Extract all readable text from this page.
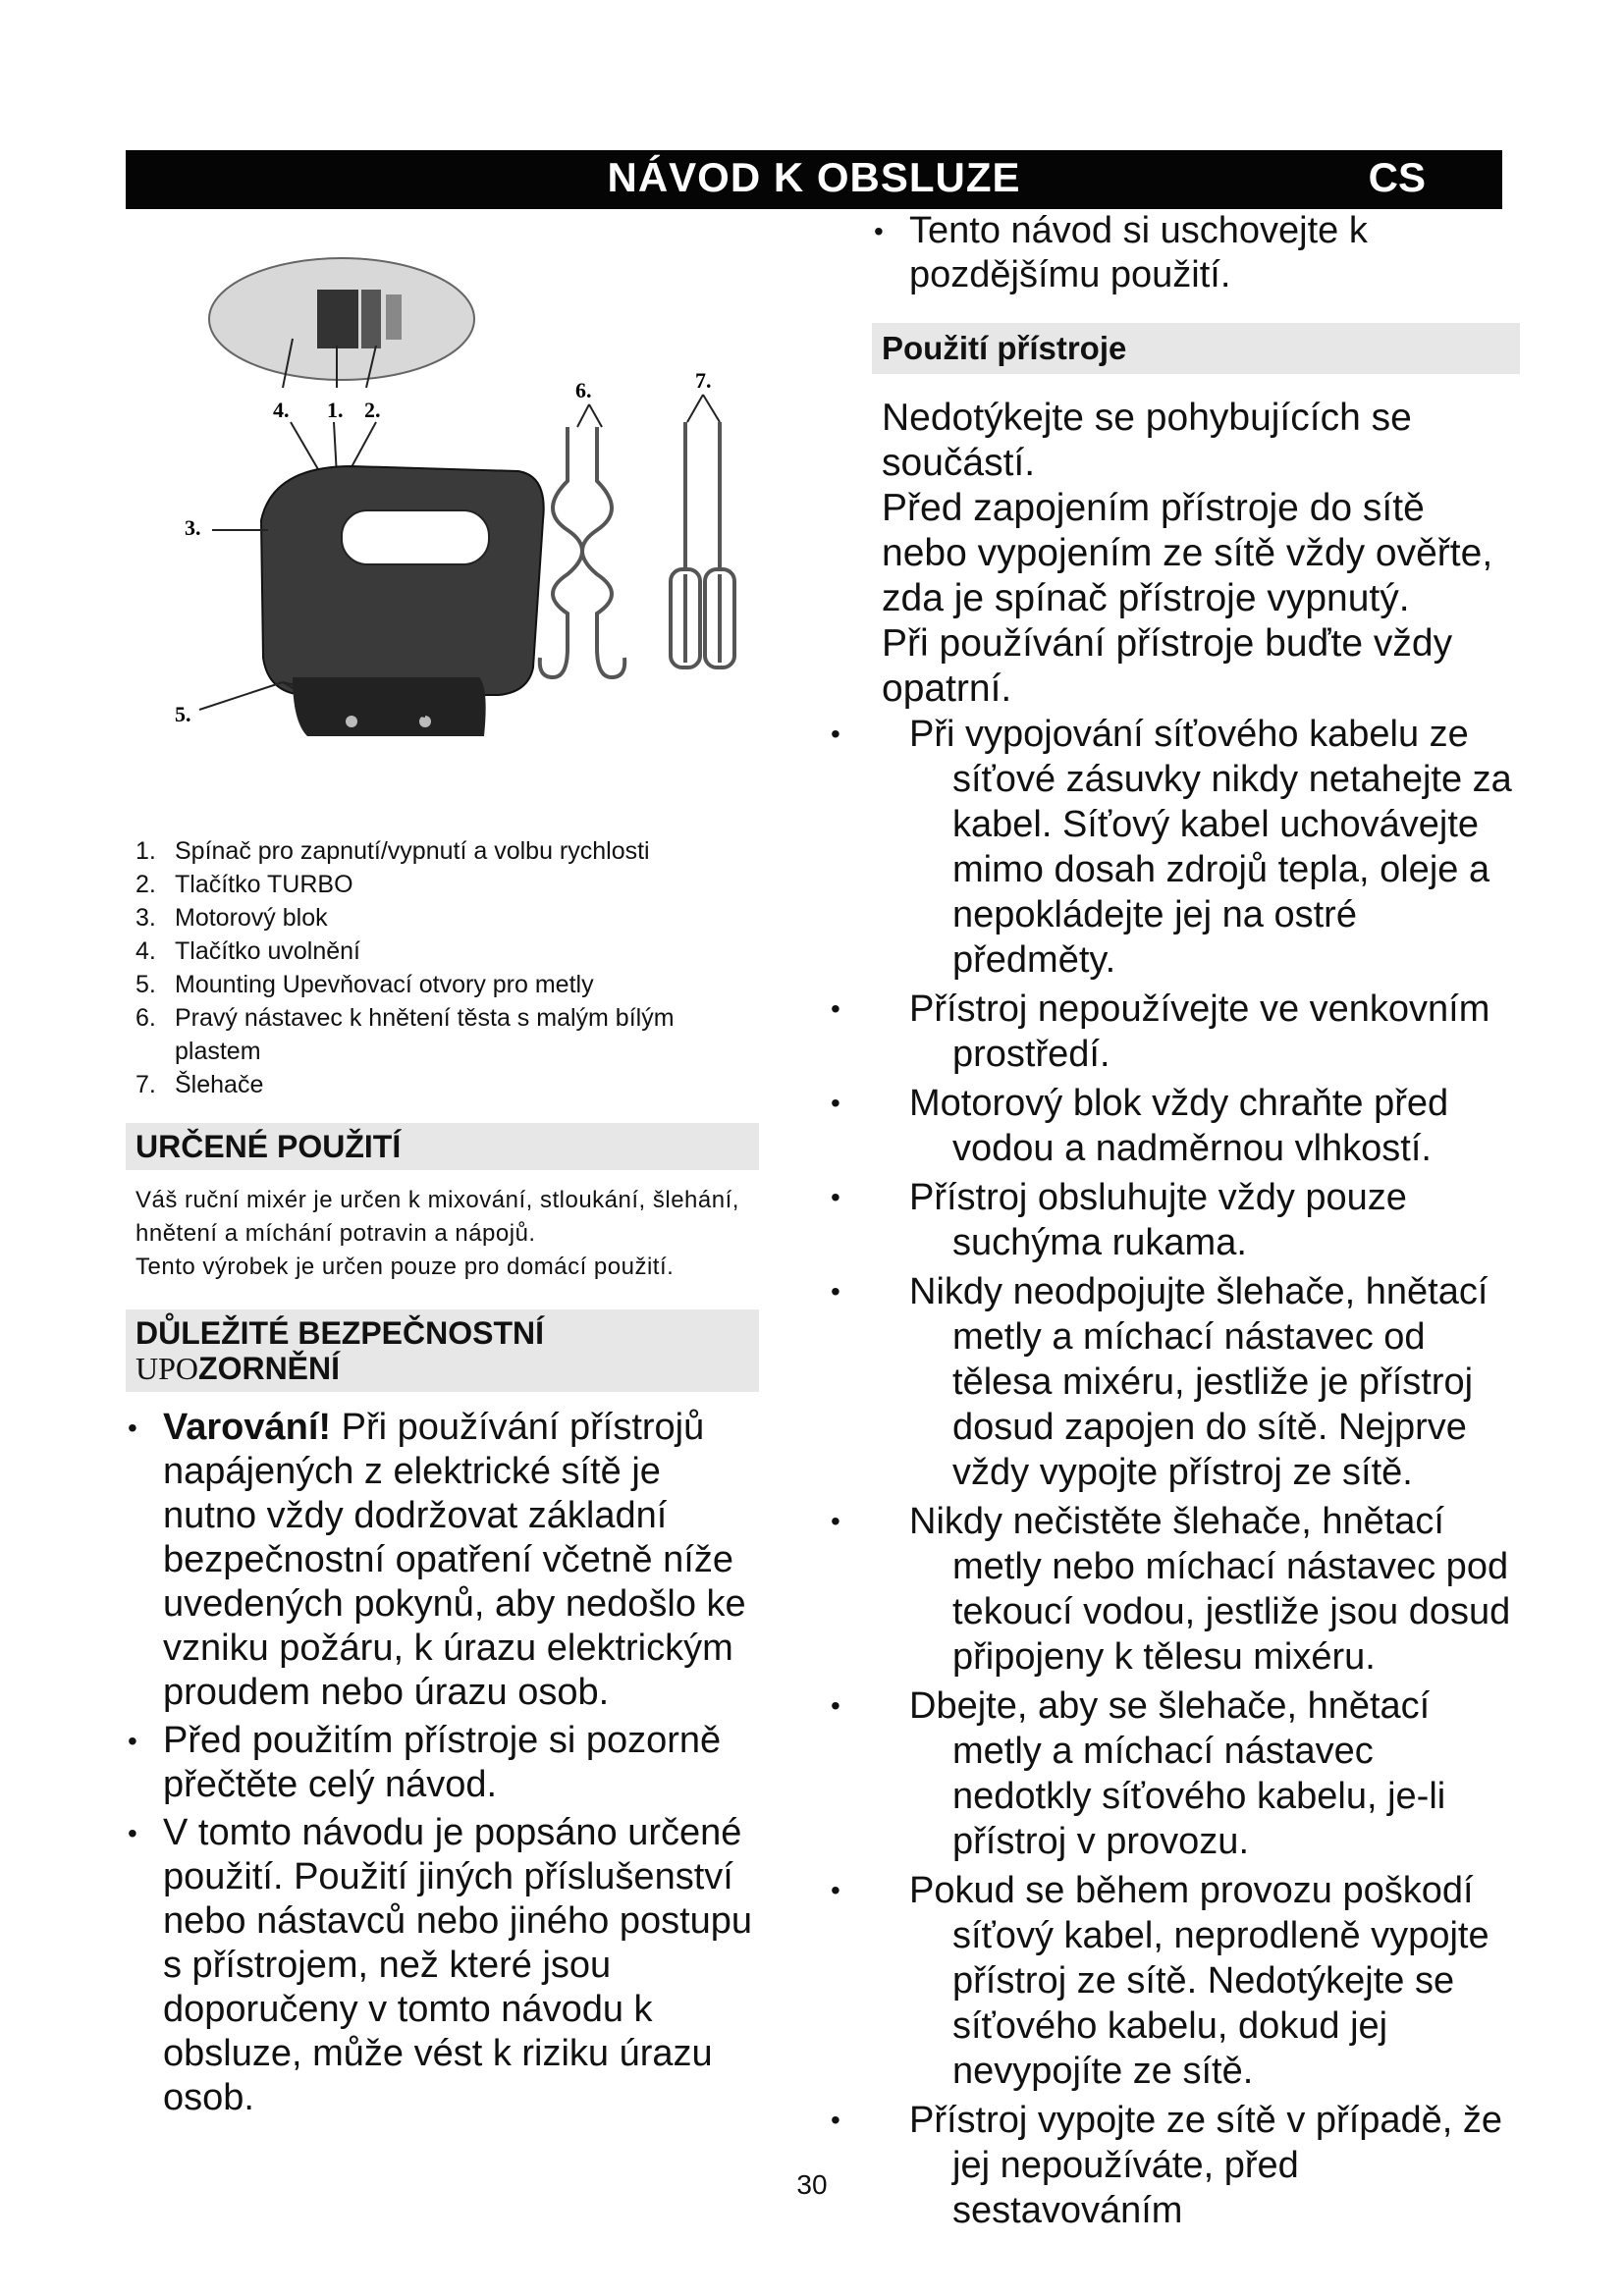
NÁVOD K OBSLUZE	CS
4. 1. 2.
3.
5.
6.	7.
1. Spínač pro zapnutí/vypnutí a volbu rychlosti
2. Tlačítko TURBO
3. Motorový blok
4. Tlačítko uvolnění
5. Mounting Upevňovací otvory pro metly
6. Pravý nástavec k hnětení těsta s malým bílým plastem
7. Šlehače
URČENÉ POUŽITÍ
Váš ruční mixér je určen k mixování, stloukání, šlehání, hnětení a míchání potravin a nápojů.
Tento výrobek je určen pouze pro domácí použití.
DŮLEŽITÉ BEZPEČNOSTNÍ
UPOZORNĚNÍ
• Varování! Při používání přístrojů napájených z elektrické sítě je nutno vždy dodržovat základní bezpečnostní opatření včetně níže uvedených pokynů, aby nedošlo ke vzniku požáru, k úrazu elektrickým proudem nebo úrazu osob.
• Před použitím přístroje si pozorně přečtěte celý návod.
• V tomto návodu je popsáno určené použití. Použití jiných příslušenství nebo nástavců nebo jiného postupu s přístrojem, než které jsou doporučeny v tomto návodu k obsluze, může vést k riziku úrazu osob.
• Tento návod si uschovejte k pozdějšímu použití.
Použití přístroje
Nedotýkejte se pohybujících se součástí.
Před zapojením přístroje do sítě nebo vypojením ze sítě vždy ověřte, zda je spínač přístroje vypnutý.
Při používání přístroje buďte vždy opatrní.
• Při vypojování síťového kabelu ze síťové zásuvky nikdy netahejte za kabel. Síťový kabel uchovávejte mimo dosah zdrojů tepla, oleje a nepokládejte jej na ostré předměty.
• Přístroj nepoužívejte ve venkovním prostředí.
• Motorový blok vždy chraňte před vodou a nadměrnou vlhkostí.
• Přístroj obsluhujte vždy pouze suchýma rukama.
• Nikdy neodpojujte šlehače, hnětací metly a míchací nástavec od tělesa mixéru, jestliže je přístroj dosud zapojen do sítě. Nejprve vždy vypojte přístroj ze sítě.
• Nikdy nečistěte šlehače, hnětací metly nebo míchací nástavec pod tekoucí vodou, jestliže jsou dosud připojeny k tělesu mixéru.
• Dbejte, aby se šlehače, hnětací metly a míchací nástavec nedotkly síťového kabelu, je-li přístroj v provozu.
• Pokud se během provozu poškodí síťový kabel, neprodleně vypojte přístroj ze sítě. Nedotýkejte se síťového kabelu, dokud jej nevypojíte ze sítě.
• Přístroj vypojte ze sítě v případě, že jej nepoužíváte, před sestavováním
30
